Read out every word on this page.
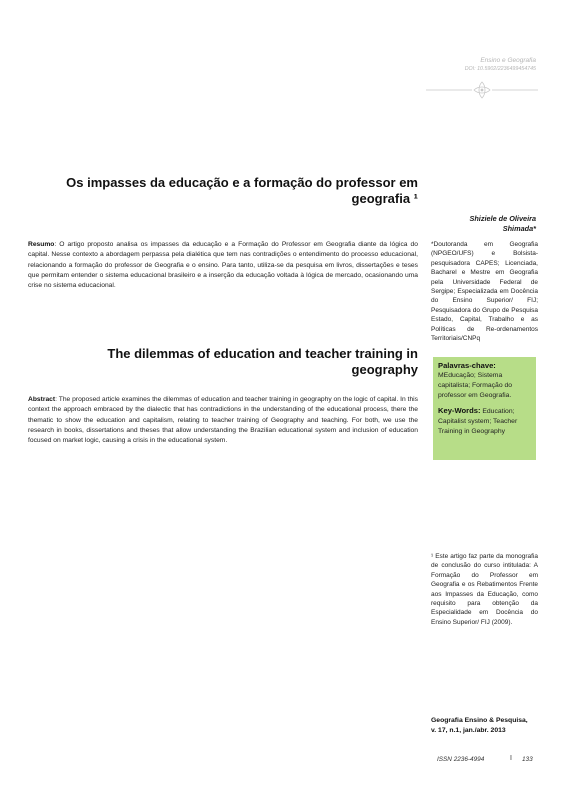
Ensino e Geografia
DOI: 10.5902/2236499454745
Os impasses da educação e a formação do professor em geografia ¹
Shiziele de Oliveira
Shimada*
Resumo: O artigo proposto analisa os impasses da educação e a Formação do Professor em Geografia diante da lógica do capital. Nesse contexto a abordagem perpassa pela dialética que tem nas contradições o entendimento do processo educacional, relacionando a formação do professor de Geografia e o ensino. Para tanto, utiliza-se da pesquisa em livros, dissertações e teses que permitam entender o sistema educacional brasileiro e a inserção da educação voltada à lógica de mercado, ocasionando uma crise no sistema educacional.
*Doutoranda em Geografia (NPGEO/UFS) e Bolsista-pesquisadora CAPES; Licenciada, Bacharel e Mestre em Geografia pela Universidade Federal de Sergipe; Especializada em Docência do Ensino Superior/ FIJ; Pesquisadora do Grupo de Pesquisa Estado, Capital, Trabalho e as Políticas de Re-ordenamentos Territoriais/CNPq
The dilemmas of education and teacher training in geography
Abstract: The proposed article examines the dilemmas of education and teacher training in geography on the logic of capital. In this context the approach embraced by the dialectic that has contradictions in the understanding of the educational process, there the thematic to show the education and capitalism, relating to teacher training of Geography and teaching. For both, we use the research in books, dissertations and theses that allow understanding the Brazilian educational system and inclusion of education focused on market logic, causing a crisis in the educational system.
Palavras-chave:
MEducação; Sistema capitalista; Formação do professor em Geografia.
Key-Words: Education; Capitalist system; Teacher Training in Geography
¹ Este artigo faz parte da monografia de conclusão do curso intitulada: A Formação do Professor em Geografia e os Rebatimentos Frente aos Impasses da Educação, como requisito para obtenção da Especialidade em Docência do Ensino Superior/ FIJ (2009).
Geografia Ensino & Pesquisa,
v. 17, n.1, jan./abr. 2013
ISSN 2236-4994	I 133
